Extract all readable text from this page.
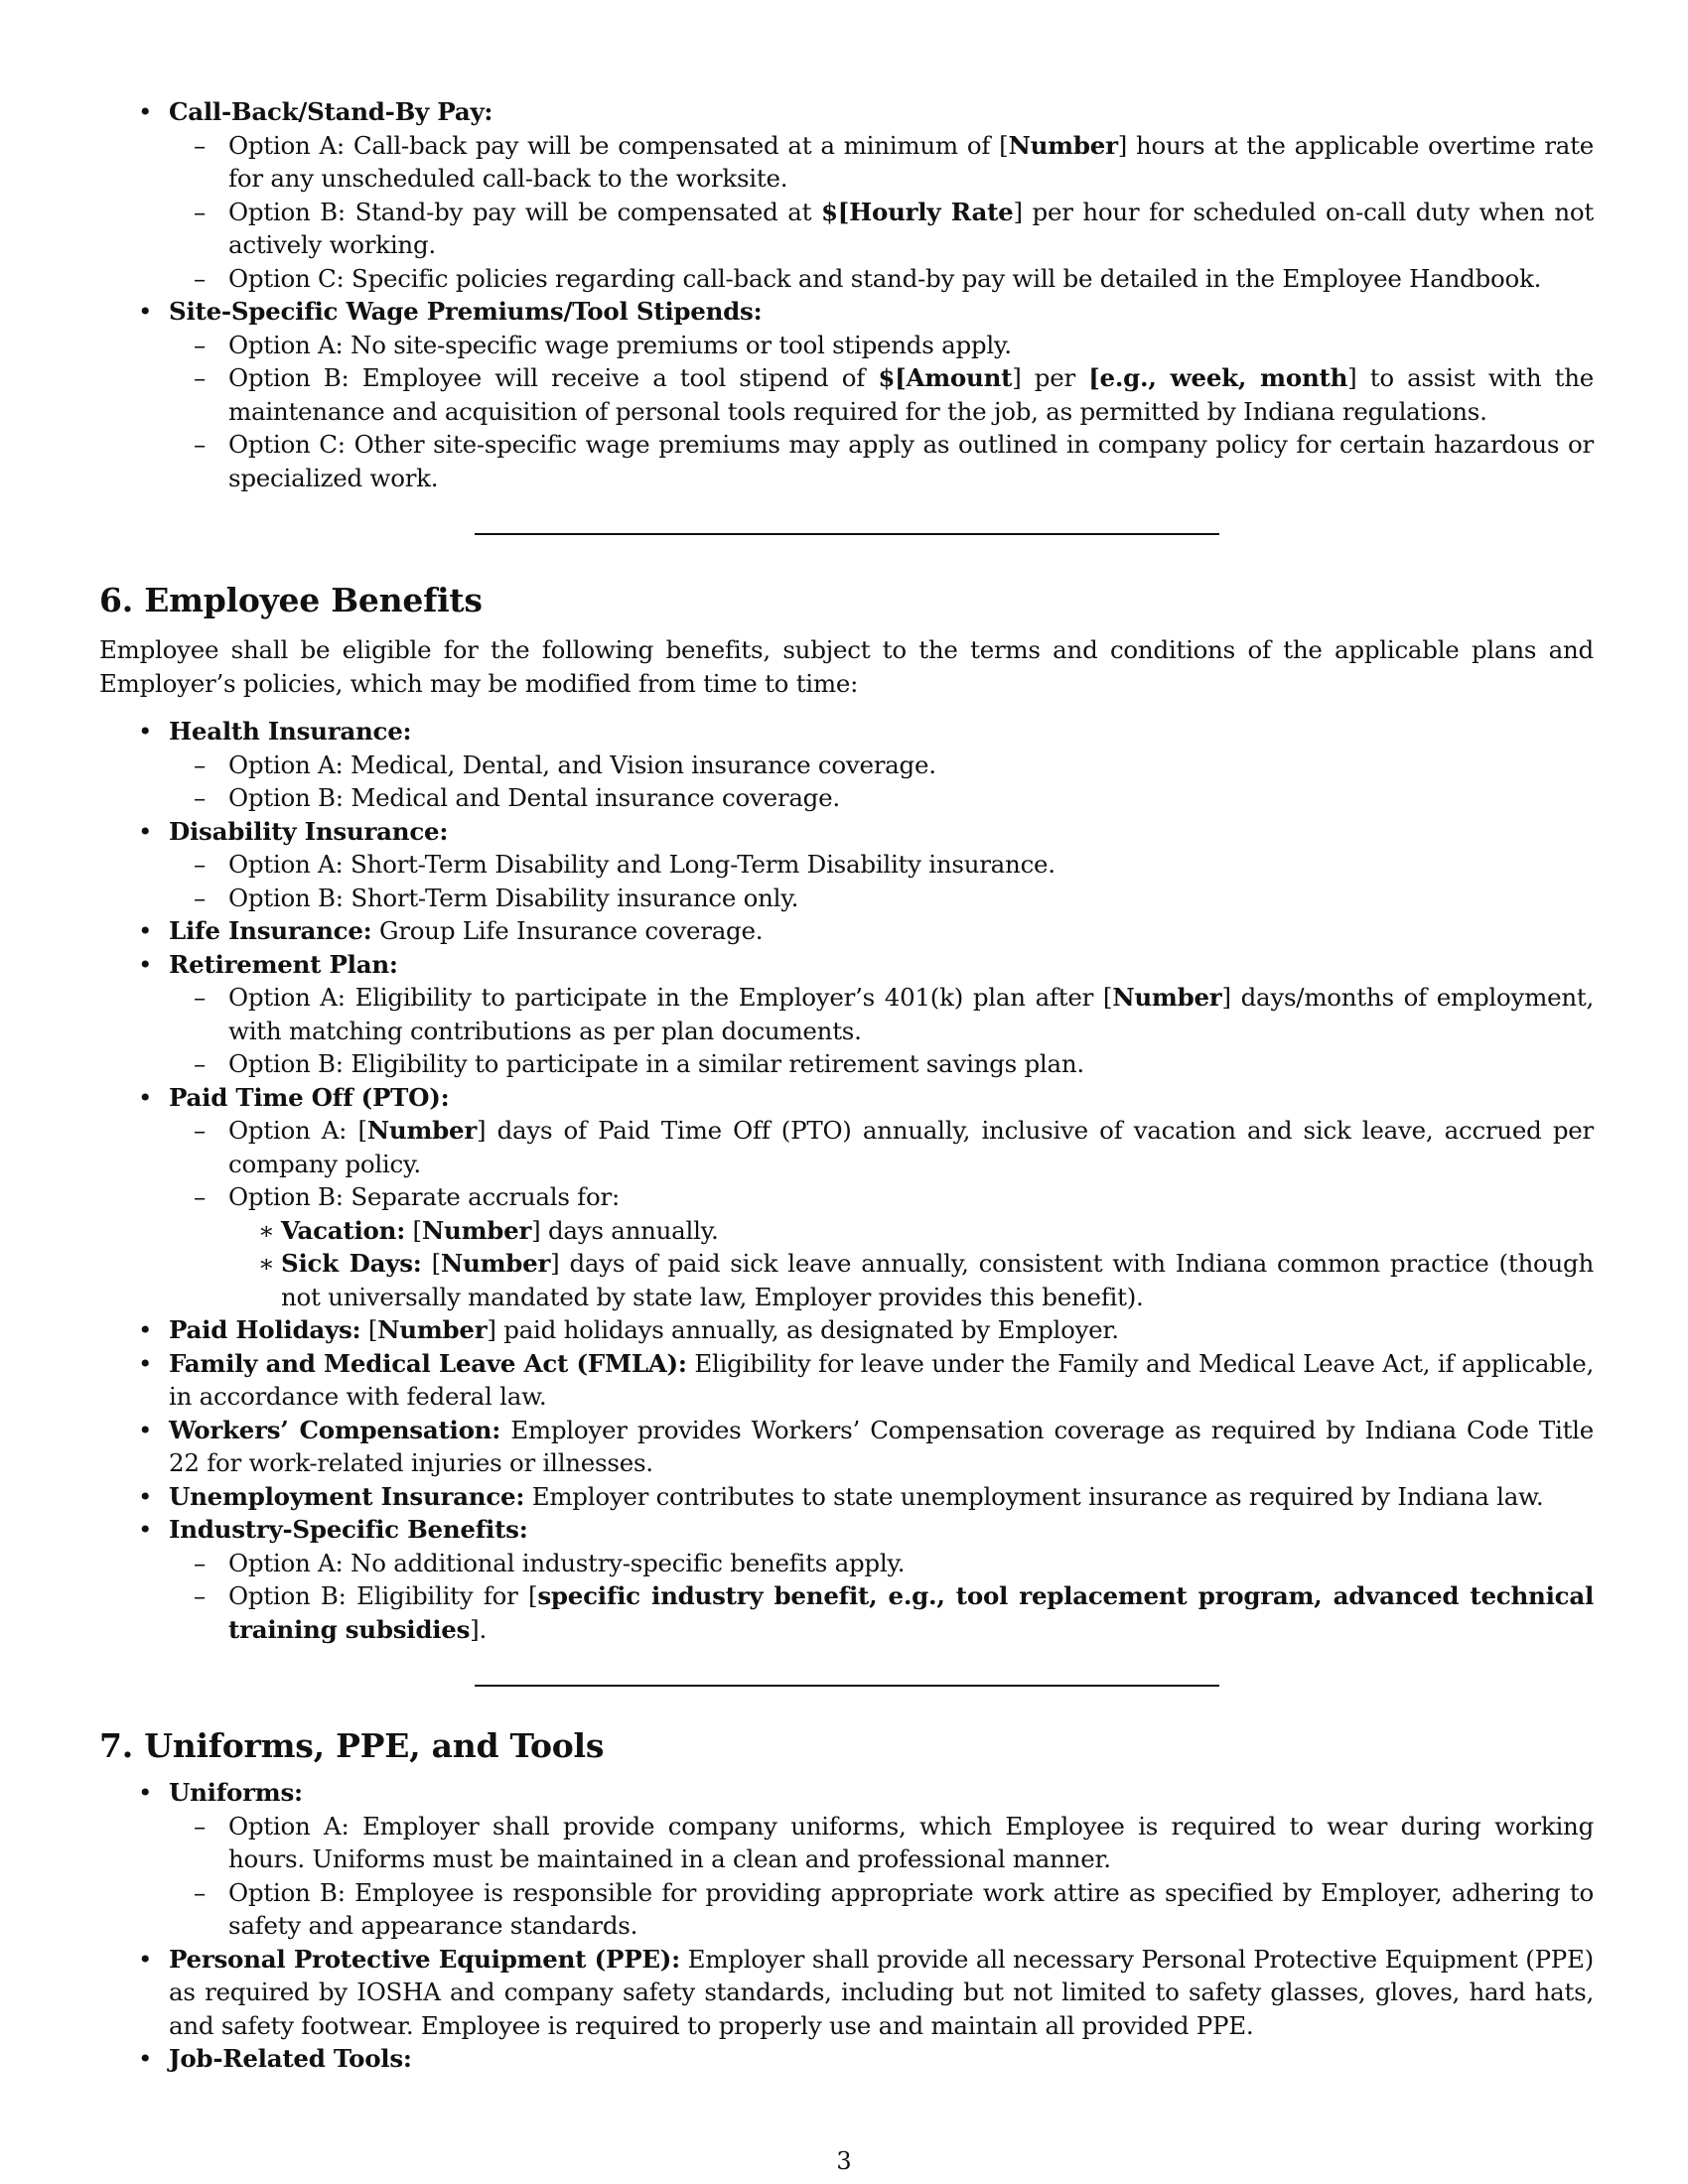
• Call-Back/Stand-By Pay:
– Option A: Call-back pay will be compensated at a minimum of [Number] hours at the applicable overtime rate for any unscheduled call-back to the worksite.
– Option B: Stand-by pay will be compensated at $[Hourly Rate] per hour for scheduled on-call duty when not actively working.
– Option C: Specific policies regarding call-back and stand-by pay will be detailed in the Employee Handbook.
• Site-Specific Wage Premiums/Tool Stipends:
– Option A: No site-specific wage premiums or tool stipends apply.
– Option B: Employee will receive a tool stipend of $[Amount] per [e.g., week, month] to assist with the maintenance and acquisition of personal tools required for the job, as permitted by Indiana regulations.
– Option C: Other site-specific wage premiums may apply as outlined in company policy for certain hazardous or specialized work.
6. Employee Benefits

Employee shall be eligible for the following benefits, subject to the terms and conditions of the applicable plans and Employer’s policies, which may be modified from time to time:

• Health Insurance:
– Option A: Medical, Dental, and Vision insurance coverage.
– Option B: Medical and Dental insurance coverage.
• Disability Insurance:
– Option A: Short-Term Disability and Long-Term Disability insurance.
– Option B: Short-Term Disability insurance only.
• Life Insurance: Group Life Insurance coverage.
• Retirement Plan:
– Option A: Eligibility to participate in the Employer’s 401(k) plan after [Number] days/months of employment, with matching contributions as per plan documents.
– Option B: Eligibility to participate in a similar retirement savings plan.
• Paid Time Off (PTO):
– Option A: [Number] days of Paid Time Off (PTO) annually, inclusive of vacation and sick leave, accrued per company policy.
– Option B: Separate accruals for:
∗ Vacation: [Number] days annually.
∗ Sick Days: [Number] days of paid sick leave annually, consistent with Indiana common practice (though not universally mandated by state law, Employer provides this benefit).
• Paid Holidays: [Number] paid holidays annually, as designated by Employer.
• Family and Medical Leave Act (FMLA): Eligibility for leave under the Family and Medical Leave Act, if applicable, in accordance with federal law.
• Workers’ Compensation: Employer provides Workers’ Compensation coverage as required by Indiana Code Title 22 for work-related injuries or illnesses.
• Unemployment Insurance: Employer contributes to state unemployment insurance as required by Indiana law.
• Industry-Specific Benefits:
– Option A: No additional industry-specific benefits apply.
– Option B: Eligibility for [specific industry benefit, e.g., tool replacement program, advanced technical training subsidies].
7. Uniforms, PPE, and Tools
• Uniforms:
– Option A: Employer shall provide company uniforms, which Employee is required to wear during working hours. Uniforms must be maintained in a clean and professional manner.
– Option B: Employee is responsible for providing appropriate work attire as specified by Employer, adhering to safety and appearance standards.
• Personal Protective Equipment (PPE): Employer shall provide all necessary Personal Protective Equipment (PPE) as required by IOSHA and company safety standards, including but not limited to safety glasses, gloves, hard hats, and safety footwear. Employee is required to properly use and maintain all provided PPE.
• Job-Related Tools:
3
